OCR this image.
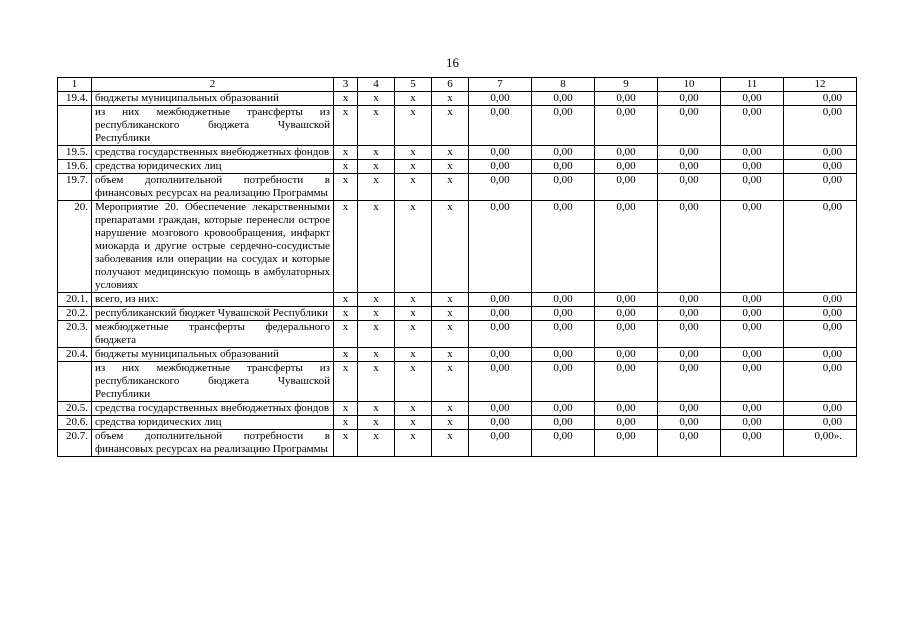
16
1	2	3	4	5	6	7	8	9	10	11	12
19.4.	бюджеты муниципальных образований	x	x	x	x	0,00	0,00	0,00	0,00	0,00	0,00
	из них межбюджетные трансферты из республиканского бюджета Чувашской Республики	x	x	x	x	0,00	0,00	0,00	0,00	0,00	0,00
19.5.	средства государственных внебюджетных фондов	x	x	x	x	0,00	0,00	0,00	0,00	0,00	0,00
19.6.	средства юридических лиц	x	x	x	x	0,00	0,00	0,00	0,00	0,00	0,00
19.7.	объем дополнительной потребности в финансовых ресурсах на реализацию Программы	x	x	x	x	0,00	0,00	0,00	0,00	0,00	0,00
20.	Мероприятие 20. Обеспечение лекарственными препаратами граждан, которые перенесли острое нарушение мозгового кровообращения, инфаркт миокарда и другие острые сердечно-сосудистые заболевания или операции на сосудах и которые получают медицинскую помощь в амбулаторных условиях	x	x	x	x	0,00	0,00	0,00	0,00	0,00	0,00
20.1.	всего, из них:	x	x	x	x	0,00	0,00	0,00	0,00	0,00	0,00
20.2.	республиканский бюджет Чувашской Республики	x	x	x	x	0,00	0,00	0,00	0,00	0,00	0,00
20.3.	межбюджетные трансферты федерального бюджета	x	x	x	x	0,00	0,00	0,00	0,00	0,00	0,00
20.4.	бюджеты муниципальных образований	x	x	x	x	0,00	0,00	0,00	0,00	0,00	0,00
	из них межбюджетные трансферты из республиканского бюджета Чувашской Республики	x	x	x	x	0,00	0,00	0,00	0,00	0,00	0,00
20.5.	средства государственных внебюджетных фондов	x	x	x	x	0,00	0,00	0,00	0,00	0,00	0,00
20.6.	средства юридических лиц	x	x	x	x	0,00	0,00	0,00	0,00	0,00	0,00
20.7.	объем дополнительной потребности в финансовых ресурсах на реализацию Программы	x	x	x	x	0,00	0,00	0,00	0,00	0,00	0,00».
